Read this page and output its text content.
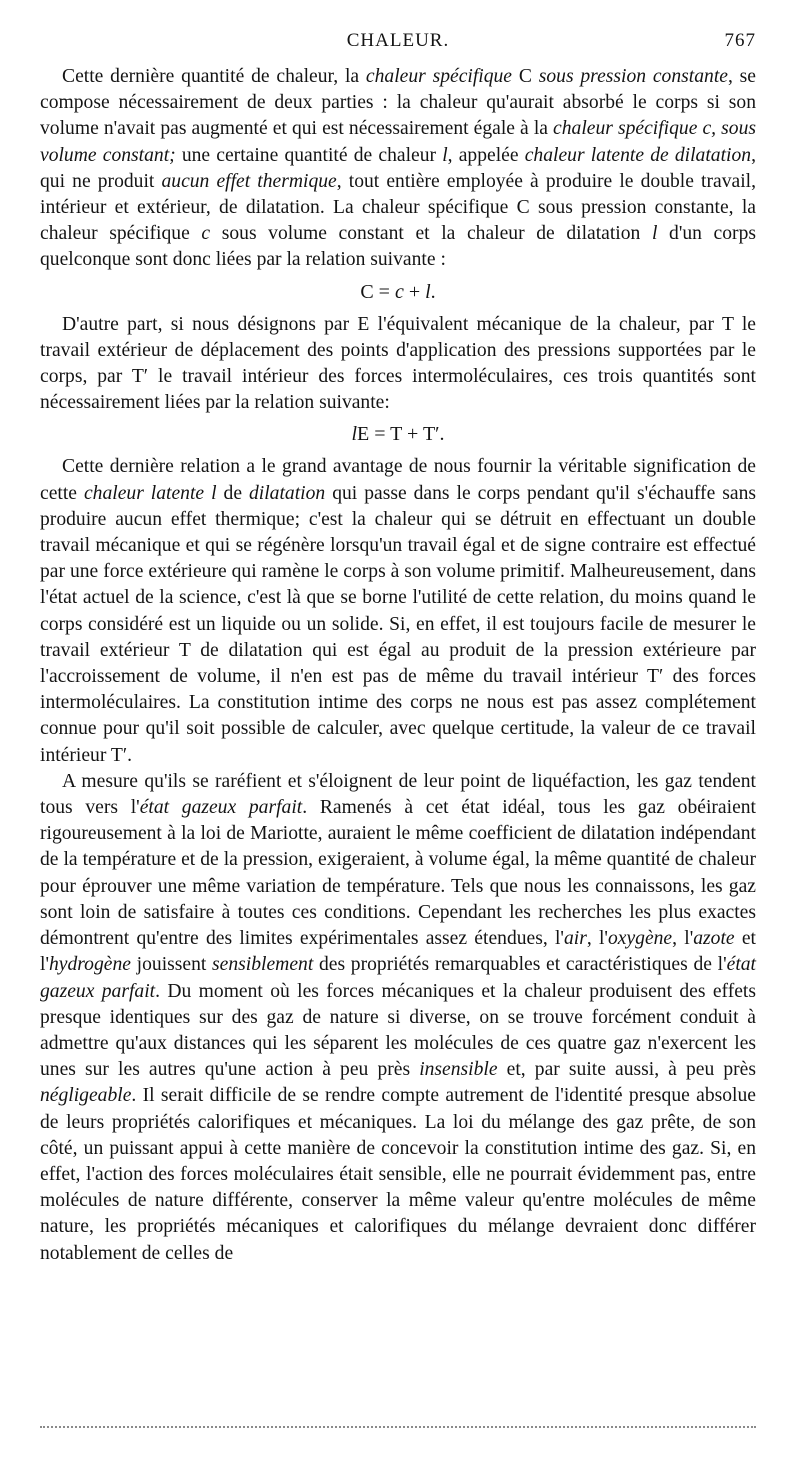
CHALEUR.	767

Cette dernière quantité de chaleur, la chaleur spécifique C sous pression constante, se compose nécessairement de deux parties : la chaleur qu'aurait absorbé le corps si son volume n'avait pas augmenté et qui est nécessairement égale à la chaleur spécifique c, sous volume constant; une certaine quantité de chaleur l, appelée chaleur latente de dilatation, qui ne produit aucun effet thermique, tout entière employée à produire le double travail, intérieur et extérieur, de dilatation. La chaleur spécifique C sous pression constante, la chaleur spécifique c sous volume constant et la chaleur de dilatation l d'un corps quelconque sont donc liées par la relation suivante :

C = c + l.

D'autre part, si nous désignons par E l'équivalent mécanique de la chaleur, par T le travail extérieur de déplacement des points d'application des pressions supportées par le corps, par T′ le travail intérieur des forces intermoléculaires, ces trois quantités sont nécessairement liées par la relation suivante:

lE = T + T′.

Cette dernière relation a le grand avantage de nous fournir la véritable signification de cette chaleur latente l de dilatation qui passe dans le corps pendant qu'il s'échauffe sans produire aucun effet thermique; c'est la chaleur qui se détruit en effectuant un double travail mécanique et qui se régénère lorsqu'un travail égal et de signe contraire est effectué par une force extérieure qui ramène le corps à son volume primitif. Malheureusement, dans l'état actuel de la science, c'est là que se borne l'utilité de cette relation, du moins quand le corps considéré est un liquide ou un solide. Si, en effet, il est toujours facile de mesurer le travail extérieur T de dilatation qui est égal au produit de la pression extérieure par l'accroissement de volume, il n'en est pas de même du travail intérieur T′ des forces intermoléculaires. La constitution intime des corps ne nous est pas assez complétement connue pour qu'il soit possible de calculer, avec quelque certitude, la valeur de ce travail intérieur T′.

A mesure qu'ils se raréfient et s'éloignent de leur point de liquéfaction, les gaz tendent tous vers l'état gazeux parfait. Ramenés à cet état idéal, tous les gaz obéiraient rigoureusement à la loi de Mariotte, auraient le même coefficient de dilatation indépendant de la température et de la pression, exigeraient, à volume égal, la même quantité de chaleur pour éprouver une même variation de température. Tels que nous les connaissons, les gaz sont loin de satisfaire à toutes ces conditions. Cependant les recherches les plus exactes démontrent qu'entre des limites expérimentales assez étendues, l'air, l'oxygène, l'azote et l'hydrogène jouissent sensiblement des propriétés remarquables et caractéristiques de l'état gazeux parfait. Du moment où les forces mécaniques et la chaleur produisent des effets presque identiques sur des gaz de nature si diverse, on se trouve forcément conduit à admettre qu'aux distances qui les séparent les molécules de ces quatre gaz n'exercent les unes sur les autres qu'une action à peu près insensible et, par suite aussi, à peu près négligeable. Il serait difficile de se rendre compte autrement de l'identité presque absolue de leurs propriétés calorifiques et mécaniques. La loi du mélange des gaz prête, de son côté, un puissant appui à cette manière de concevoir la constitution intime des gaz. Si, en effet, l'action des forces moléculaires était sensible, elle ne pourrait évidemment pas, entre molécules de nature différente, conserver la même valeur qu'entre molécules de même nature, les propriétés mécaniques et calorifiques du mélange devraient donc différer notablement de celles de
